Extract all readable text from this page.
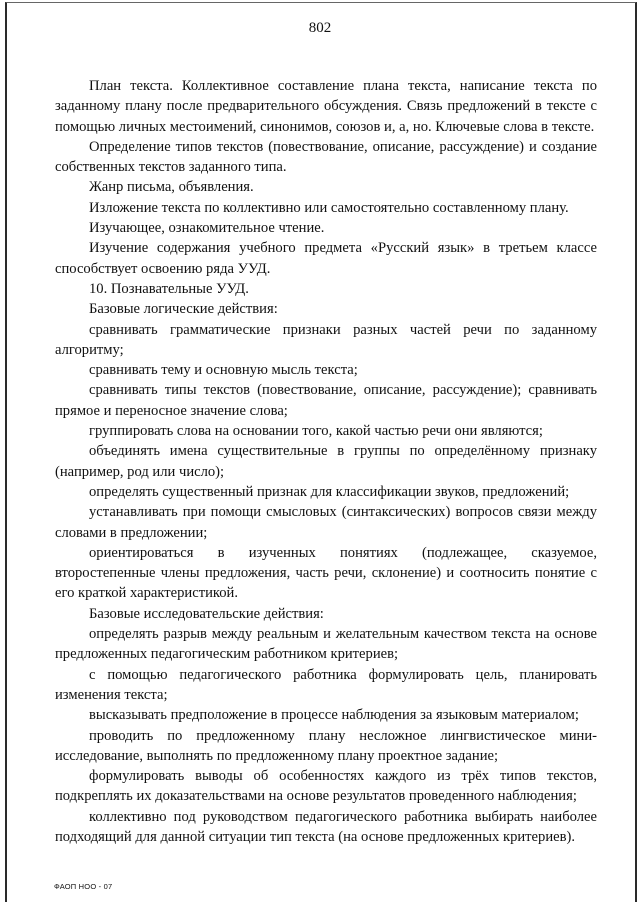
802

План текста. Коллективное составление плана текста, написание текста по заданному плану после предварительного обсуждения. Связь предложений в тексте с помощью личных местоимений, синонимов, союзов и, а, но. Ключевые слова в тексте.

Определение типов текстов (повествование, описание, рассуждение) и создание собственных текстов заданного типа.

Жанр письма, объявления.

Изложение текста по коллективно или самостоятельно составленному плану.

Изучающее, ознакомительное чтение.

Изучение содержания учебного предмета «Русский язык» в третьем классе способствует освоению ряда УУД.

10. Познавательные УУД.

Базовые логические действия:

сравнивать грамматические признаки разных частей речи по заданному алгоритму;

сравнивать тему и основную мысль текста;

сравнивать типы текстов (повествование, описание, рассуждение); сравнивать прямое и переносное значение слова;

группировать слова на основании того, какой частью речи они являются;

объединять имена существительные в группы по определённому признаку (например, род или число);

определять существенный признак для классификации звуков, предложений;

устанавливать при помощи смысловых (синтаксических) вопросов связи между словами в предложении;

ориентироваться в изученных понятиях (подлежащее, сказуемое, второстепенные члены предложения, часть речи, склонение) и соотносить понятие с его краткой характеристикой.

Базовые исследовательские действия:

определять разрыв между реальным и желательным качеством текста на основе предложенных педагогическим работником критериев;

с помощью педагогического работника формулировать цель, планировать изменения текста;

высказывать предположение в процессе наблюдения за языковым материалом;

проводить по предложенному плану несложное лингвистическое мини-исследование, выполнять по предложенному плану проектное задание;

формулировать выводы об особенностях каждого из трёх типов текстов, подкреплять их доказательствами на основе результатов проведенного наблюдения;

коллективно под руководством педагогического работника выбирать наиболее подходящий для данной ситуации тип текста (на основе предложенных критериев).

ФАОП НОО - 07
